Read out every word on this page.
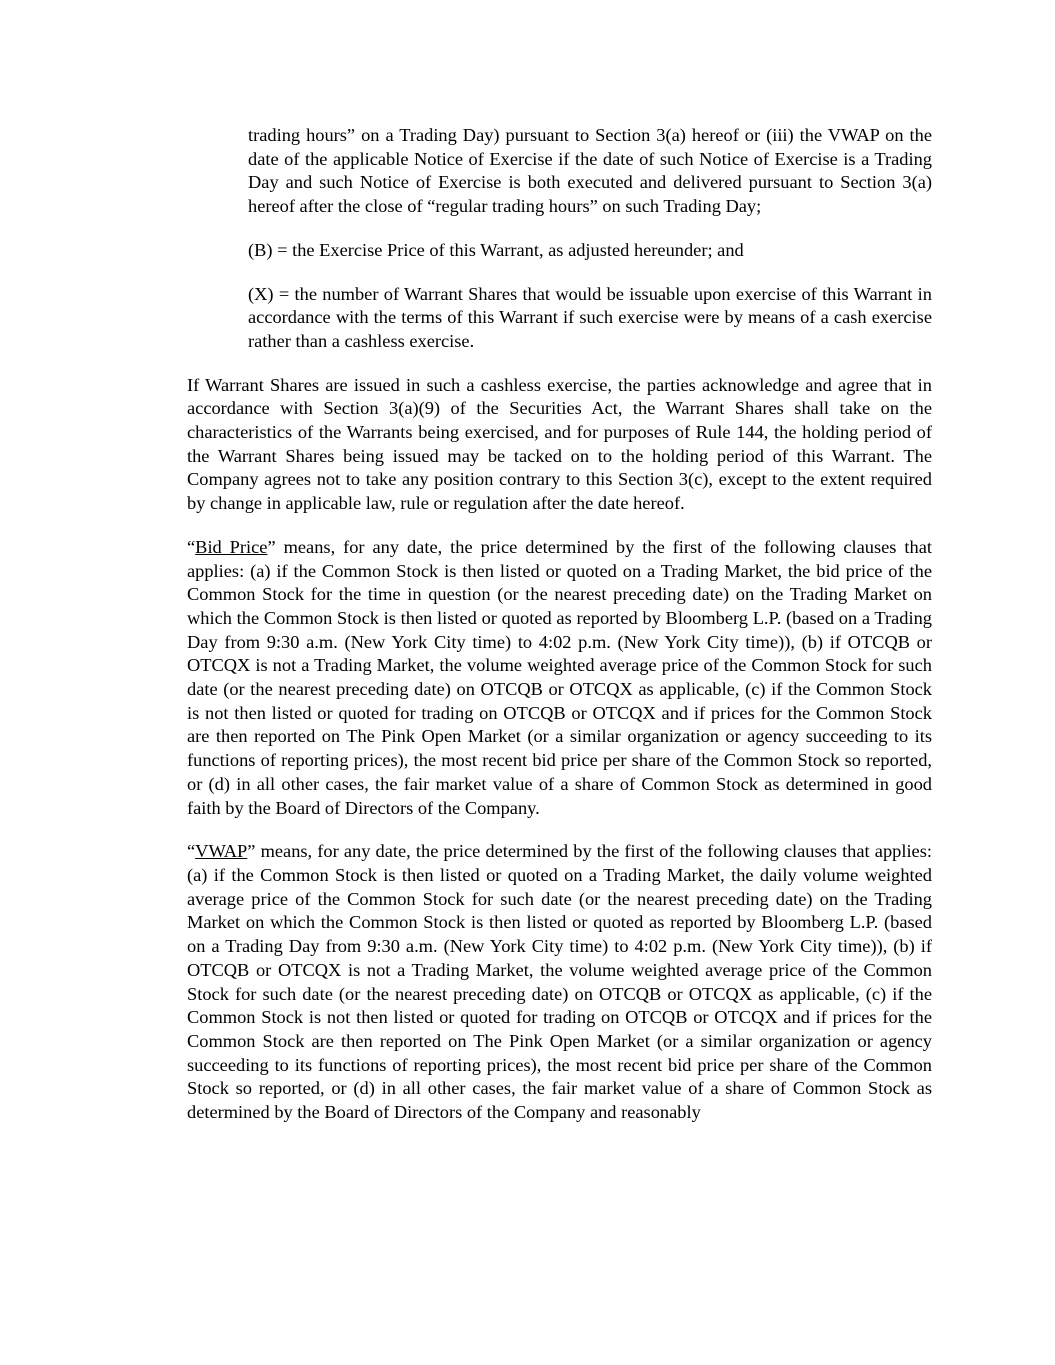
trading hours” on a Trading Day) pursuant to Section 3(a) hereof or (iii) the VWAP on the date of the applicable Notice of Exercise if the date of such Notice of Exercise is a Trading Day and such Notice of Exercise is both executed and delivered pursuant to Section 3(a) hereof after the close of “regular trading hours” on such Trading Day;

(B) = the Exercise Price of this Warrant, as adjusted hereunder; and

(X) = the number of Warrant Shares that would be issuable upon exercise of this Warrant in accordance with the terms of this Warrant if such exercise were by means of a cash exercise rather than a cashless exercise.

If Warrant Shares are issued in such a cashless exercise, the parties acknowledge and agree that in accordance with Section 3(a)(9) of the Securities Act, the Warrant Shares shall take on the characteristics of the Warrants being exercised, and for purposes of Rule 144, the holding period of the Warrant Shares being issued may be tacked on to the holding period of this Warrant. The Company agrees not to take any position contrary to this Section 3(c), except to the extent required by change in applicable law, rule or regulation after the date hereof.

“Bid Price” means, for any date, the price determined by the first of the following clauses that applies: (a) if the Common Stock is then listed or quoted on a Trading Market, the bid price of the Common Stock for the time in question (or the nearest preceding date) on the Trading Market on which the Common Stock is then listed or quoted as reported by Bloomberg L.P. (based on a Trading Day from 9:30 a.m. (New York City time) to 4:02 p.m. (New York City time)), (b) if OTCQB or OTCQX is not a Trading Market, the volume weighted average price of the Common Stock for such date (or the nearest preceding date) on OTCQB or OTCQX as applicable, (c) if the Common Stock is not then listed or quoted for trading on OTCQB or OTCQX and if prices for the Common Stock are then reported on The Pink Open Market (or a similar organization or agency succeeding to its functions of reporting prices), the most recent bid price per share of the Common Stock so reported, or (d) in all other cases, the fair market value of a share of Common Stock as determined in good faith by the Board of Directors of the Company.

“VWAP” means, for any date, the price determined by the first of the following clauses that applies: (a) if the Common Stock is then listed or quoted on a Trading Market, the daily volume weighted average price of the Common Stock for such date (or the nearest preceding date) on the Trading Market on which the Common Stock is then listed or quoted as reported by Bloomberg L.P. (based on a Trading Day from 9:30 a.m. (New York City time) to 4:02 p.m. (New York City time)), (b) if OTCQB or OTCQX is not a Trading Market, the volume weighted average price of the Common Stock for such date (or the nearest preceding date) on OTCQB or OTCQX as applicable, (c) if the Common Stock is not then listed or quoted for trading on OTCQB or OTCQX and if prices for the Common Stock are then reported on The Pink Open Market (or a similar organization or agency succeeding to its functions of reporting prices), the most recent bid price per share of the Common Stock so reported, or (d) in all other cases, the fair market value of a share of Common Stock as determined by the Board of Directors of the Company and reasonably
